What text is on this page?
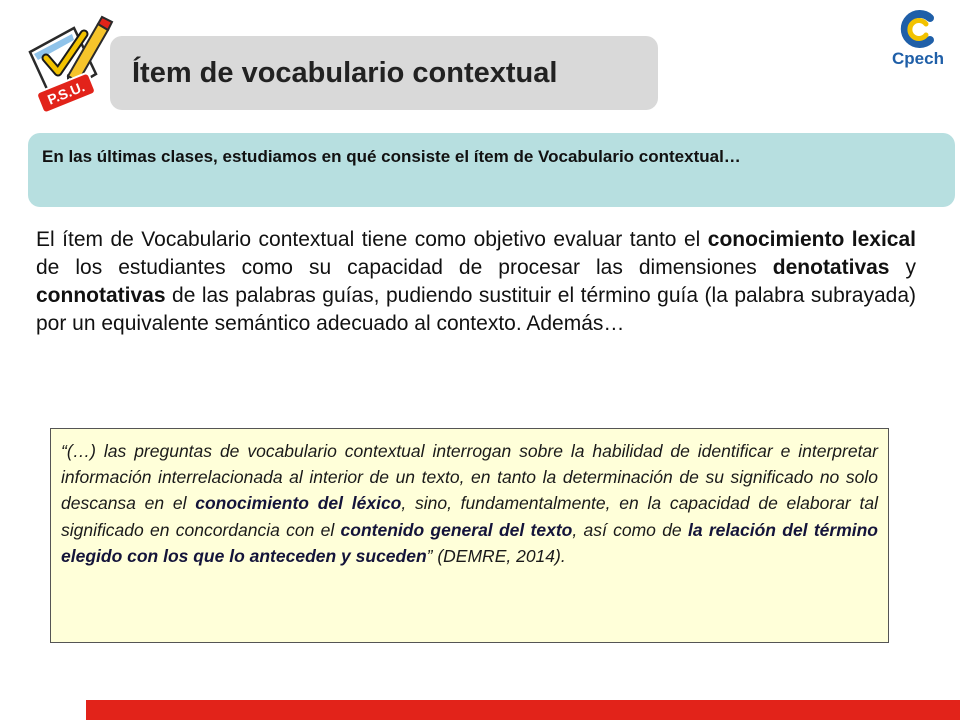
P.S.U.
Ítem de vocabulario contextual	Cpech
En las últimas clases, estudiamos en qué consiste el ítem de Vocabulario contextual…

El ítem de Vocabulario contextual tiene como objetivo evaluar tanto el conocimiento lexical de los estudiantes como su capacidad de procesar las dimensiones denotativas y connotativas de las palabras guías, pudiendo sustituir el término guía (la palabra subrayada) por un equivalente semántico adecuado al contexto. Además…

“(…) las preguntas de vocabulario contextual interrogan sobre la habilidad de identificar e interpretar información interrelacionada al interior de un texto, en tanto la determinación de su significado no solo descansa en el conocimiento del léxico, sino, fundamentalmente, en la capacidad de elaborar tal significado en concordancia con el contenido general del texto, así como de la relación del término elegido con los que lo anteceden y suceden” (DEMRE, 2014).
